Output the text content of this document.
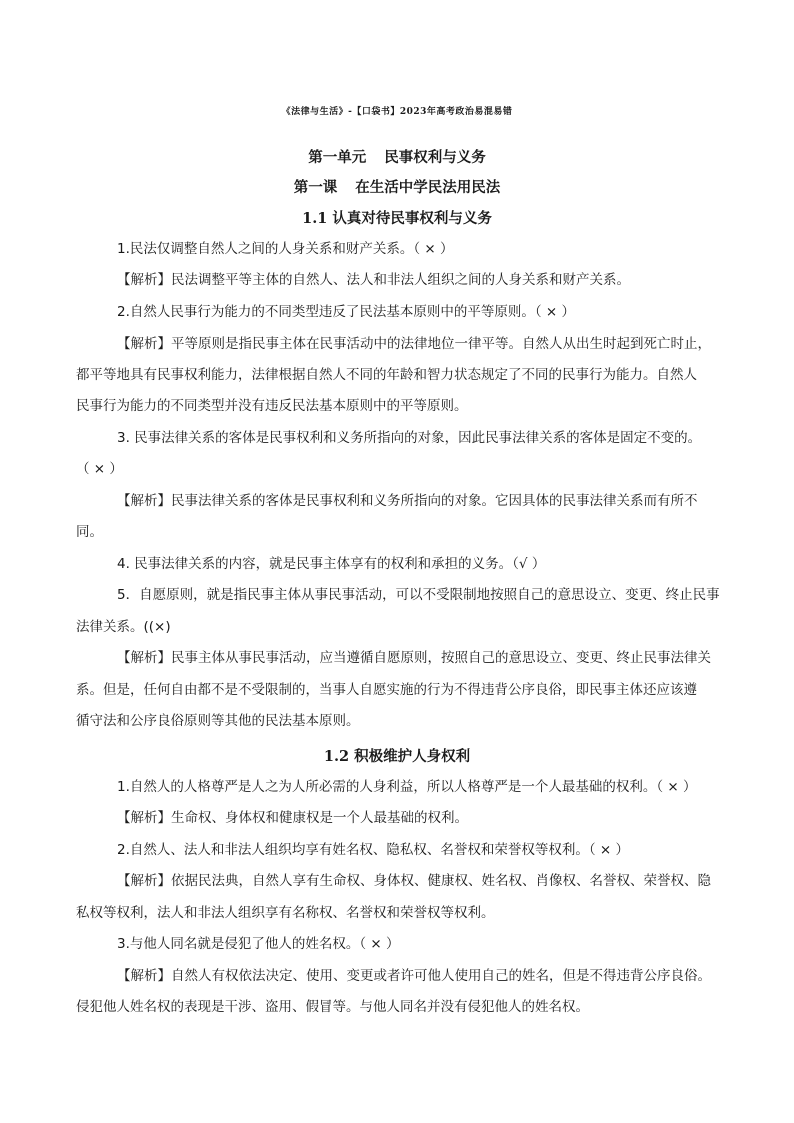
《法律与生活》-【口袋书】2023年高考政治易混易错
第一单元 民事权利与义务
第一课 在生活中学民法用民法
1.1 认真对待民事权利与义务
1.民法仅调整自然人之间的人身关系和财产关系。（ × ）
【解析】民法调整平等主体的自然人、法人和非法人组织之间的人身关系和财产关系。
2.自然人民事行为能力的不同类型违反了民法基本原则中的平等原则。（ × ）
【解析】平等原则是指民事主体在民事活动中的法律地位一律平等。自然人从出生时起到死亡时止，
都平等地具有民事权利能力，法律根据自然人不同的年龄和智力状态规定了不同的民事行为能力。自然人
民事行为能力的不同类型并没有违反民法基本原则中的平等原则。
3. 民事法律关系的客体是民事权利和义务所指向的对象，因此民事法律关系的客体是固定不变的。
（ × ）
【解析】民事法律关系的客体是民事权利和义务所指向的对象。它因具体的民事法律关系而有所不
同。
4. 民事法律关系的内容，就是民事主体享有的权利和承担的义务。（√ ）
5．自愿原则，就是指民事主体从事民事活动，可以不受限制地按照自己的意思设立、变更、终止民事
法律关系。((×)
【解析】民事主体从事民事活动，应当遵循自愿原则，按照自己的意思设立、变更、终止民事法律关
系。但是，任何自由都不是不受限制的，当事人自愿实施的行为不得违背公序良俗，即民事主体还应该遵
循守法和公序良俗原则等其他的民法基本原则。
1.2 积极维护人身权利
1.自然人的人格尊严是人之为人所必需的人身利益，所以人格尊严是一个人最基础的权利。（ × ）
【解析】生命权、身体权和健康权是一个人最基础的权利。
2.自然人、法人和非法人组织均享有姓名权、隐私权、名誉权和荣誉权等权利。（ × ）
【解析】依据民法典，自然人享有生命权、身体权、健康权、姓名权、肖像权、名誉权、荣誉权、隐
私权等权利，法人和非法人组织享有名称权、名誉权和荣誉权等权利。
3.与他人同名就是侵犯了他人的姓名权。（ × ）
【解析】自然人有权依法决定、使用、变更或者许可他人使用自己的姓名，但是不得违背公序良俗。
侵犯他人姓名权的表现是干涉、盗用、假冒等。与他人同名并没有侵犯他人的姓名权。
